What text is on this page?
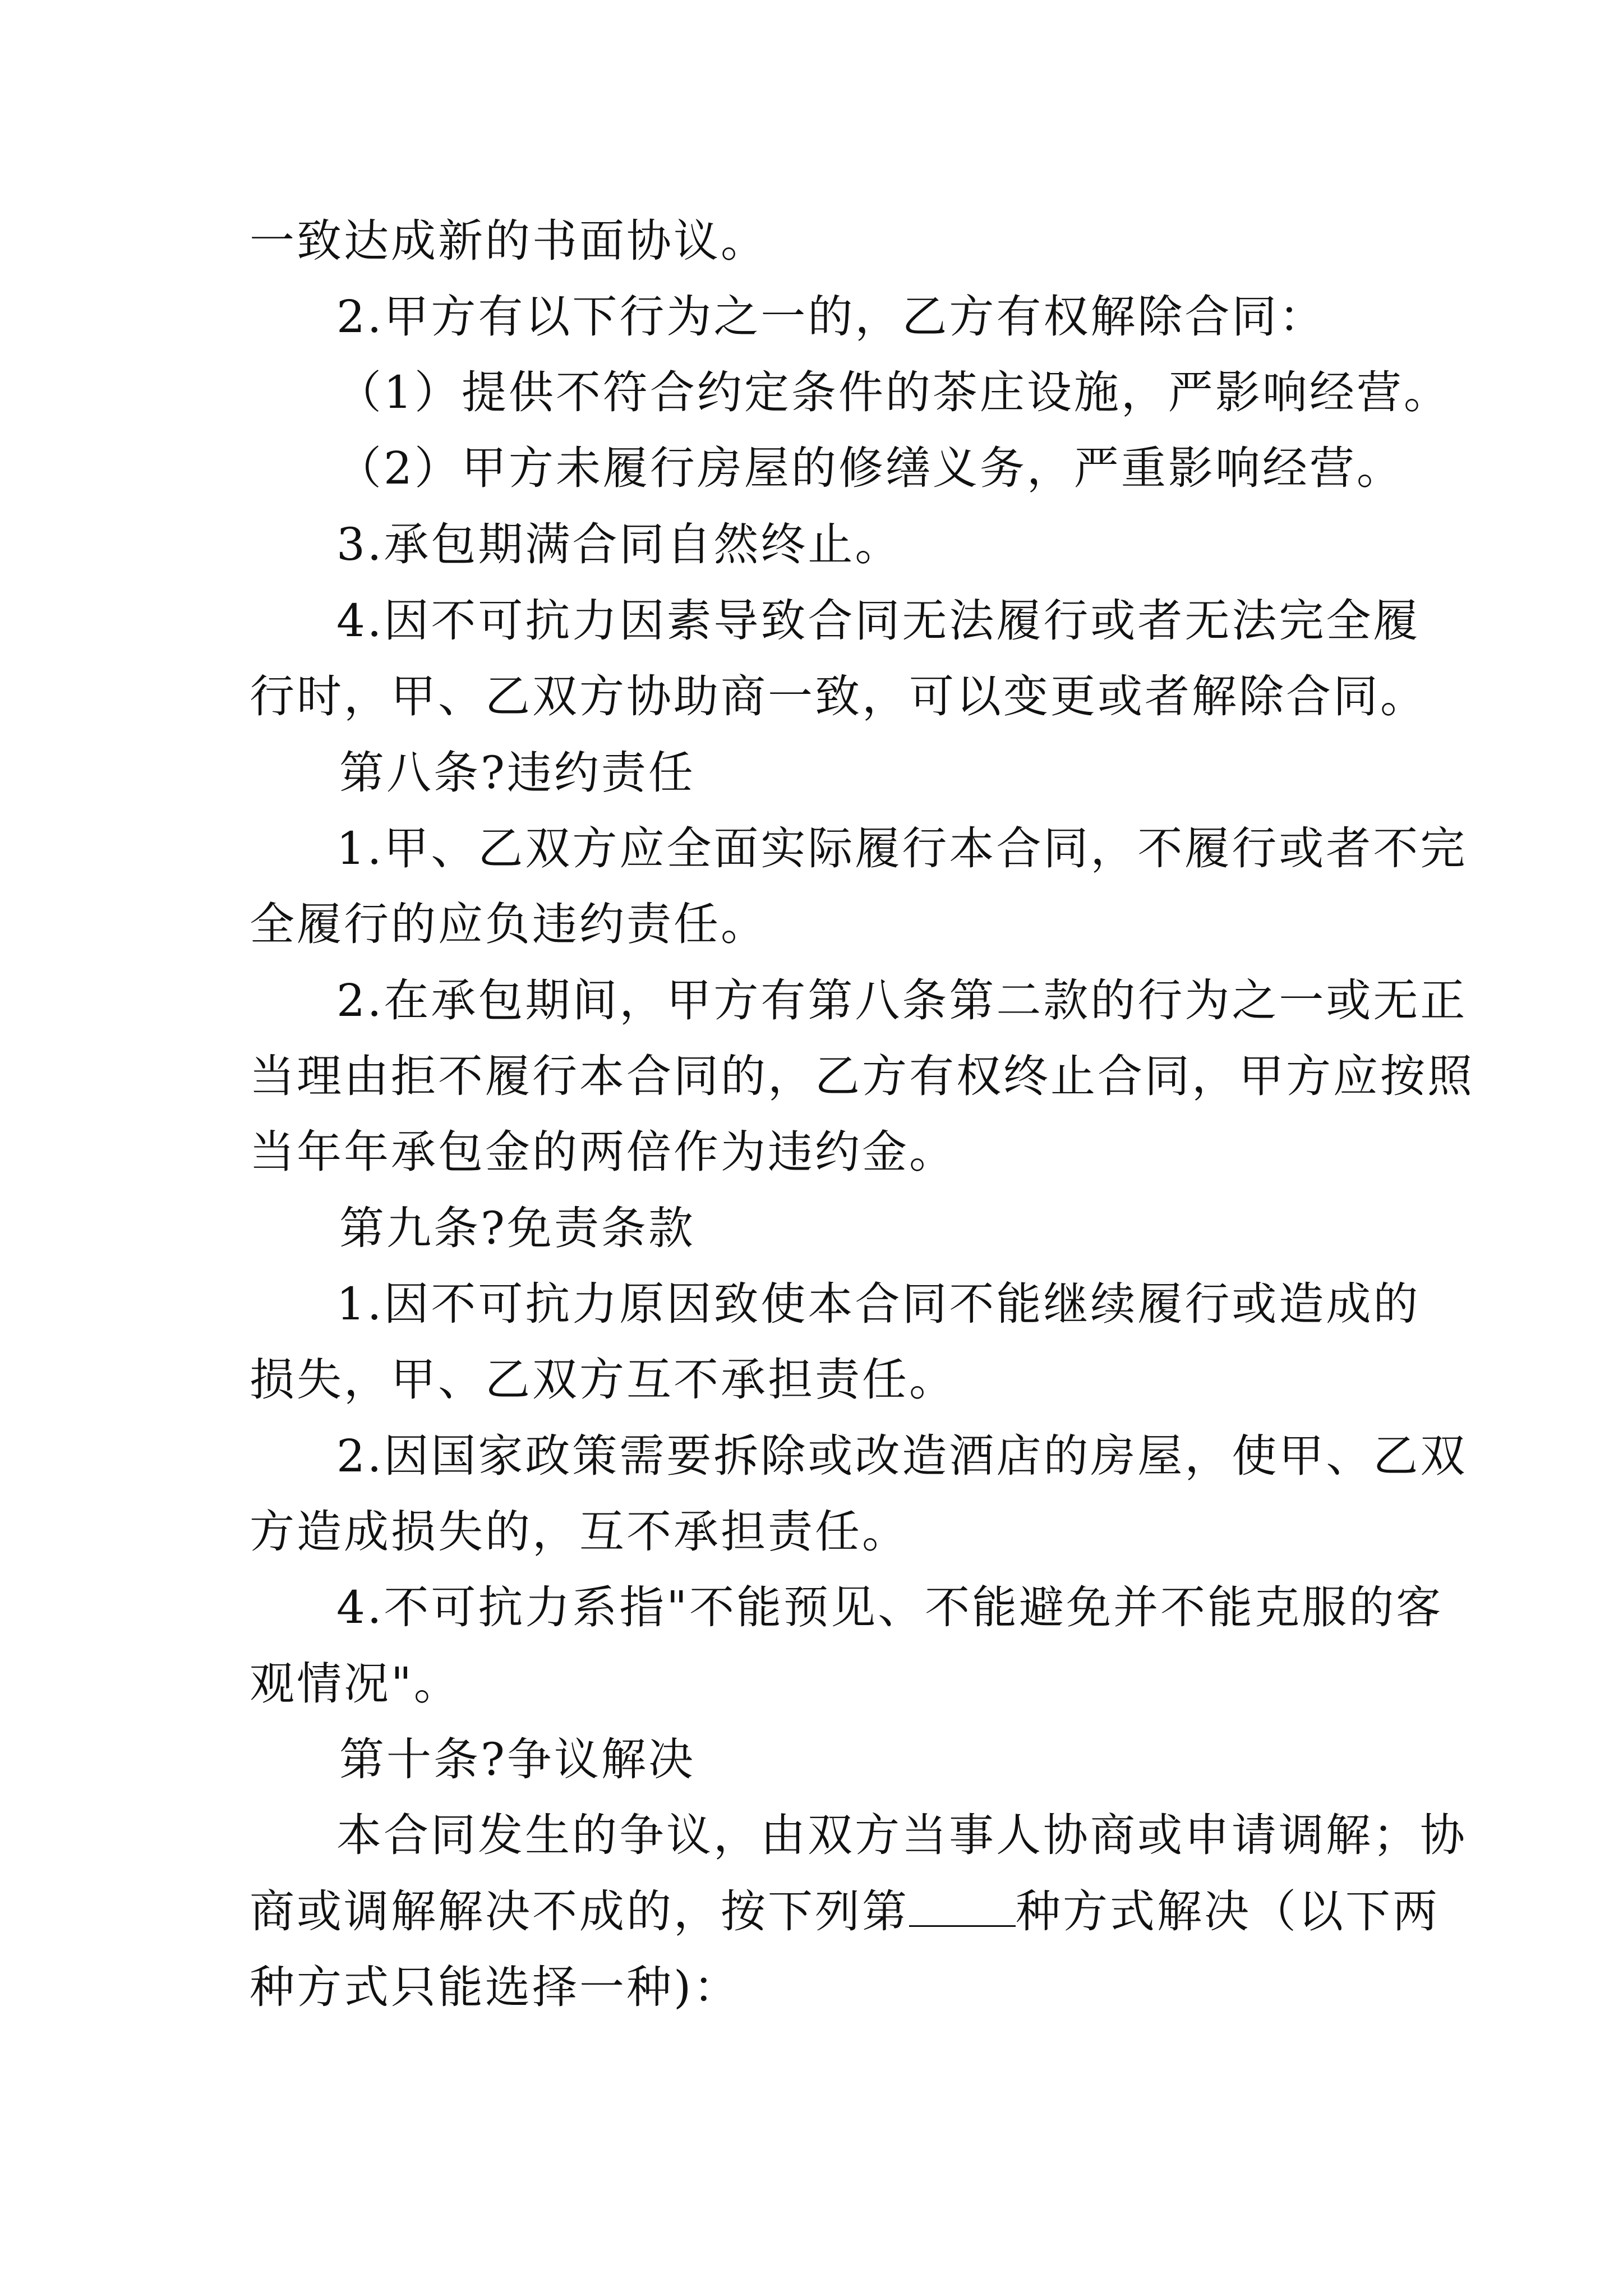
一致达成新的书面协议。
2.甲方有以下行为之一的，乙方有权解除合同：
（1）提供不符合约定条件的茶庄设施，严影响经营。
（2）甲方未履行房屋的修缮义务，严重影响经营。
3.承包期满合同自然终止。
4.因不可抗力因素导致合同无法履行或者无法完全履
行时，甲、乙双方协助商一致，可以变更或者解除合同。
第八条?违约责任
1.甲、乙双方应全面实际履行本合同，不履行或者不完
全履行的应负违约责任。
2.在承包期间，甲方有第八条第二款的行为之一或无正
当理由拒不履行本合同的，乙方有权终止合同，甲方应按照
当年年承包金的两倍作为违约金。
第九条?免责条款
1.因不可抗力原因致使本合同不能继续履行或造成的
损失，甲、乙双方互不承担责任。
2.因国家政策需要拆除或改造酒店的房屋，使甲、乙双
方造成损失的，互不承担责任。
4.不可抗力系指"不能预见、不能避免并不能克服的客
观情况"。
第十条?争议解决
本合同发生的争议，由双方当事人协商或申请调解；协
商或调解解决不成的，按下列第 种方式解决（以下两
种方式只能选择一种)：
